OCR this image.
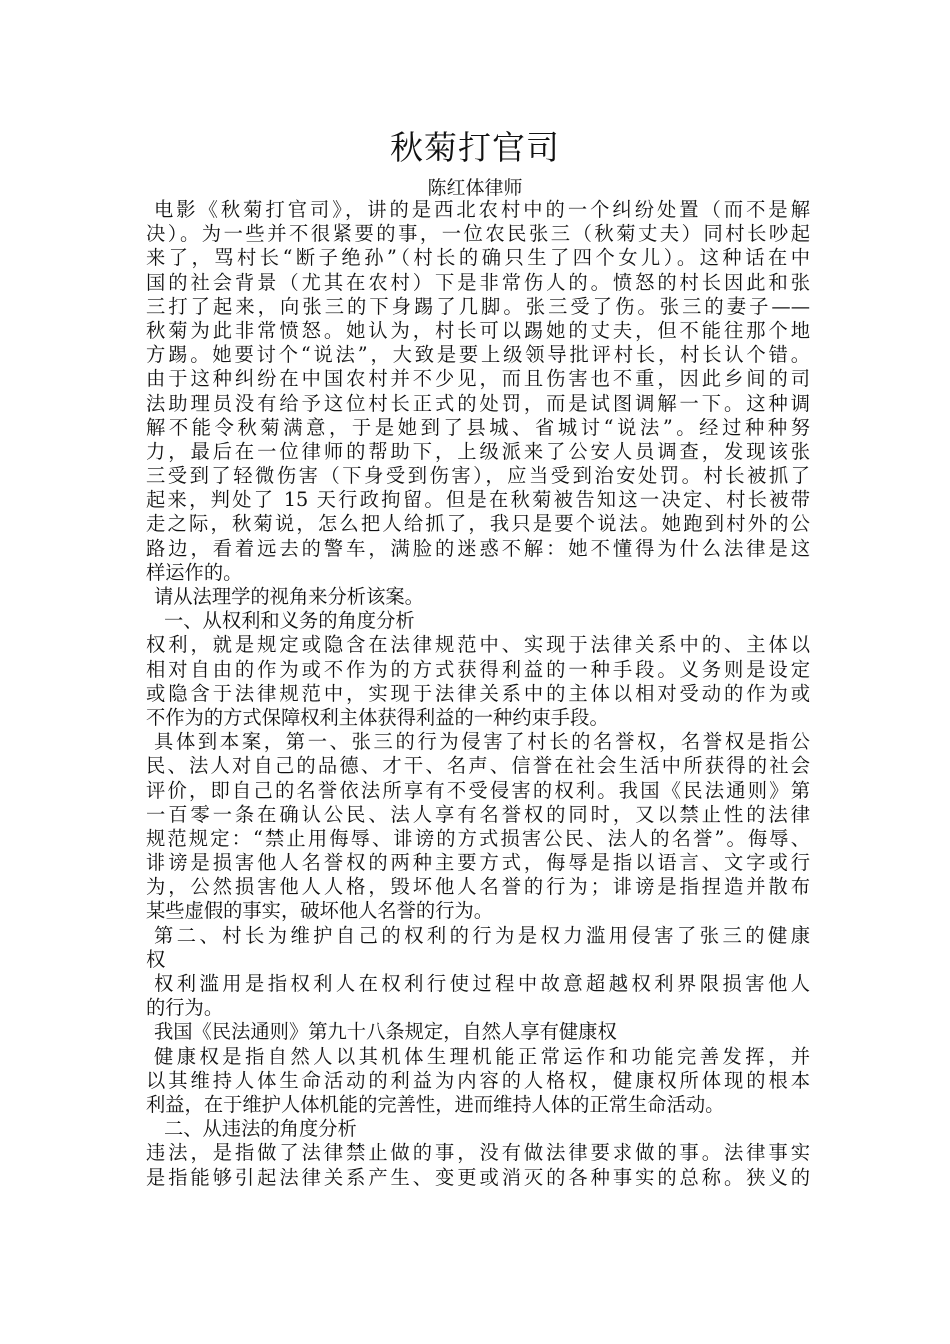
秋菊打官司
陈红体律师
电影《秋菊打官司》，讲的是西北农村中的一个纠纷处置（而不是解
决）。为一些并不很紧要的事，一位农民张三（秋菊丈夫）同村长吵起
来了，骂村长“断子绝孙”（村长的确只生了四个女儿）。这种话在中
国的社会背景（尤其在农村）下是非常伤人的。愤怒的村长因此和张
三打了起来，向张三的下身踢了几脚。张三受了伤。张三的妻子——
秋菊为此非常愤怒。她认为，村长可以踢她的丈夫，但不能往那个地
方踢。她要讨个“说法”，大致是要上级领导批评村长，村长认个错。
由于这种纠纷在中国农村并不少见，而且伤害也不重，因此乡间的司
法助理员没有给予这位村长正式的处罚，而是试图调解一下。这种调
解不能令秋菊满意，于是她到了县城、省城讨“说法”。经过种种努
力，最后在一位律师的帮助下，上级派来了公安人员调查，发现该张
三受到了轻微伤害（下身受到伤害），应当受到治安处罚。村长被抓了
起来，判处了 15 天行政拘留。但是在秋菊被告知这一决定、村长被带
走之际，秋菊说，怎么把人给抓了，我只是要个说法。她跑到村外的公
路边，看着远去的警车，满脸的迷惑不解：她不懂得为什么法律是这
样运作的。
请从法理学的视角来分析该案。
一、从权利和义务的角度分析
权利，就是规定或隐含在法律规范中、实现于法律关系中的、主体以
相对自由的作为或不作为的方式获得利益的一种手段。义务则是设定
或隐含于法律规范中，实现于法律关系中的主体以相对受动的作为或
不作为的方式保障权利主体获得利益的一种约束手段。
具体到本案，第一、张三的行为侵害了村长的名誉权，名誉权是指公
民、法人对自己的品德、才干、名声、信誉在社会生活中所获得的社会
评价，即自己的名誉依法所享有不受侵害的权利。我国《民法通则》第
一百零一条在确认公民、法人享有名誉权的同时，又以禁止性的法律
规范规定：“禁止用侮辱、诽谤的方式损害公民、法人的名誉”。侮辱、
诽谤是损害他人名誉权的两种主要方式，侮辱是指以语言、文字或行
为，公然损害他人人格，毁坏他人名誉的行为；诽谤是指捏造并散布
某些虚假的事实，破坏他人名誉的行为。
第二、村长为维护自己的权利的行为是权力滥用侵害了张三的健康
权
权利滥用是指权利人在权利行使过程中故意超越权利界限损害他人
的行为。
我国《民法通则》第九十八条规定，自然人享有健康权
健康权是指自然人以其机体生理机能正常运作和功能完善发挥，并
以其维持人体生命活动的利益为内容的人格权，健康权所体现的根本
利益，在于维护人体机能的完善性，进而维持人体的正常生命活动。
二、从违法的角度分析
违法，是指做了法律禁止做的事，没有做法律要求做的事。法律事实
是指能够引起法律关系产生、变更或消灭的各种事实的总称。狭义的
